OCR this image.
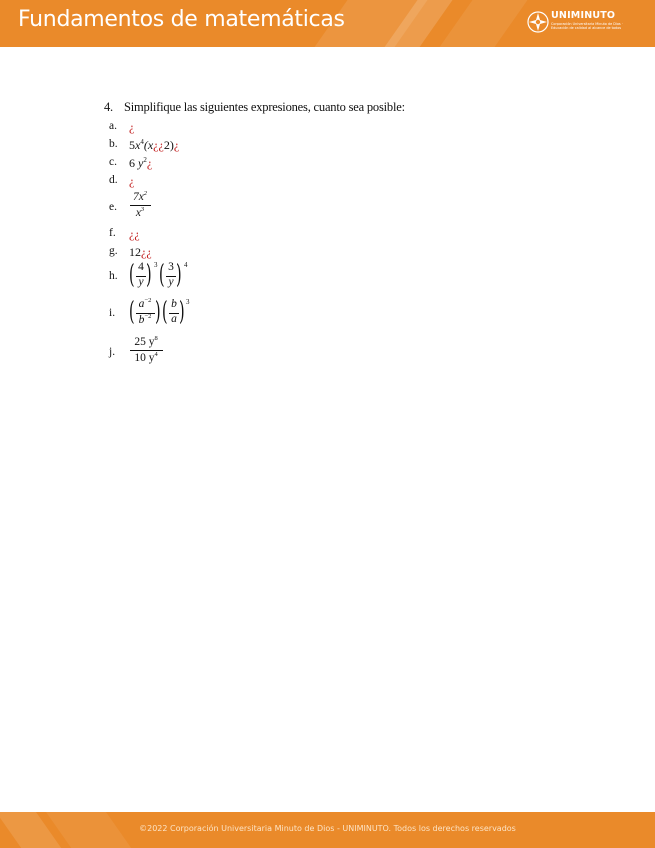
Fundamentos de matemáticas	UNIMINUTO
Corporación Universitaria Minuto de Dios · Educación de calidad al alcance de todos
4. Simplifique las siguientes expresiones, cuanto sea posible:
a. ¿
b. $5x^4(x¿¿2)¿$
c. 6 $y^2¿$
d. ¿
e.
$7x^2$
$x^3$
f. ¿¿
g. 12¿¿
h. ( 4
y ) 3 ( 3
y ) 4
i. ( $a^{-2}$
$b^{-2}$ ) ( b
a ) 3
j.
25 $y^8$
10 $y^4$
©2022 Corporación Universitaria Minuto de Dios - UNIMINUTO. Todos los derechos reservados
